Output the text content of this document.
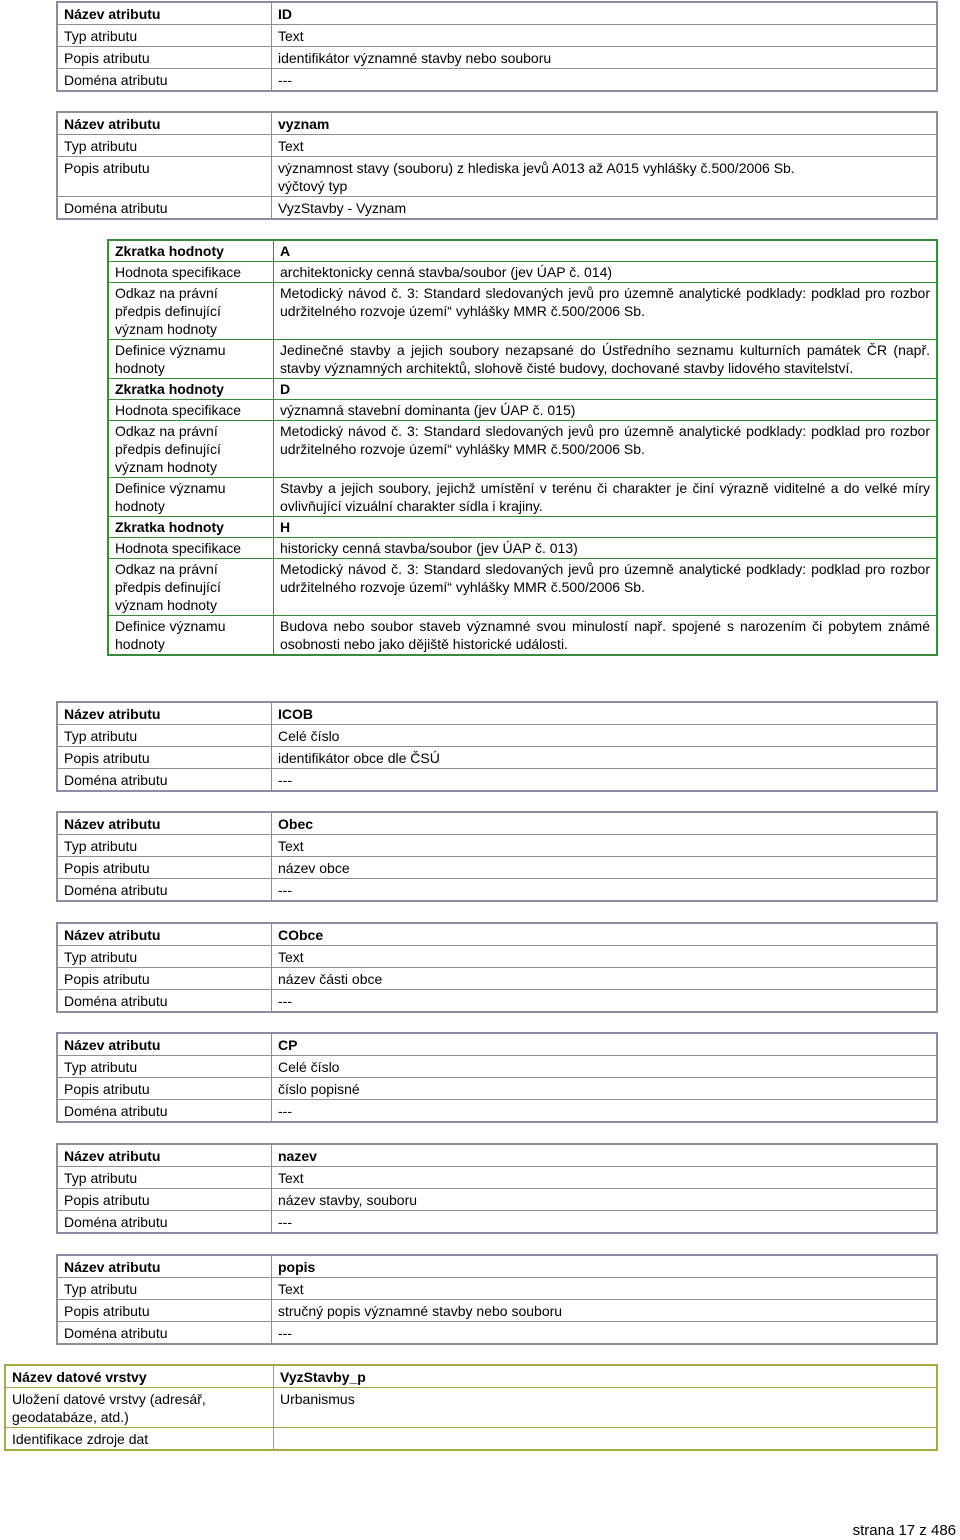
Název atributu	ID
Typ atributu	Text
Popis atributu	identifikátor významné stavby nebo souboru
Doména atributu	---
Název atributu	vyznam
Typ atributu	Text
Popis atributu	významnost stavy (souboru) z hlediska jevů A013 až A015 vyhlášky č.500/2006 Sb.
výčtový typ

Doména atributu	VyzStavby - Vyznam
Zkratka hodnoty	A
Hodnota specifikace	architektonicky cenná stavba/soubor (jev ÚAP č. 014)
Odkaz na právní předpis definující význam hodnoty	Metodický návod č. 3: Standard sledovaných jevů pro územně analytické podklady: podklad pro rozbor udržitelného rozvoje území“ vyhlášky MMR č.500/2006 Sb.
Definice významu hodnoty	Jedinečné stavby a jejich soubory nezapsané do Ústředního seznamu kulturních památek ČR (např. stavby významných architektů, slohově čisté budovy, dochované stavby lidového stavitelství.
Zkratka hodnoty	D
Hodnota specifikace	významná stavební dominanta (jev ÚAP č. 015)
Odkaz na právní předpis definující význam hodnoty	Metodický návod č. 3: Standard sledovaných jevů pro územně analytické podklady: podklad pro rozbor udržitelného rozvoje území“ vyhlášky MMR č.500/2006 Sb.
Definice významu hodnoty	Stavby a jejich soubory, jejichž umístění v terénu či charakter je činí výrazně viditelné a do velké míry ovlivňující vizuální charakter sídla i krajiny.
Zkratka hodnoty	H
Hodnota specifikace	historicky cenná stavba/soubor (jev ÚAP č. 013)
Odkaz na právní předpis definující význam hodnoty	Metodický návod č. 3: Standard sledovaných jevů pro územně analytické podklady: podklad pro rozbor udržitelného rozvoje území“ vyhlášky MMR č.500/2006 Sb.
Definice významu hodnoty	Budova nebo soubor staveb významné svou minulostí např. spojené s narozením či pobytem známé osobnosti nebo jako dějiště historické události.
Název atributu	ICOB
Typ atributu	Celé číslo
Popis atributu	identifikátor obce dle ČSÚ
Doména atributu	---
Název atributu	Obec
Typ atributu	Text
Popis atributu	název obce
Doména atributu	---
Název atributu	CObce
Typ atributu	Text
Popis atributu	název části obce
Doména atributu	---
Název atributu	CP
Typ atributu	Celé číslo
Popis atributu	číslo popisné
Doména atributu	---
Název atributu	nazev
Typ atributu	Text
Popis atributu	název stavby, souboru
Doména atributu	---
Název atributu	popis
Typ atributu	Text
Popis atributu	stručný popis významné stavby nebo souboru
Doména atributu	---
Název datové vrstvy	VyzStavby_p
Uložení datové vrstvy (adresář, geodatabáze, atd.)	Urbanismus
Identifikace zdroje dat	
strana 17 z 486
